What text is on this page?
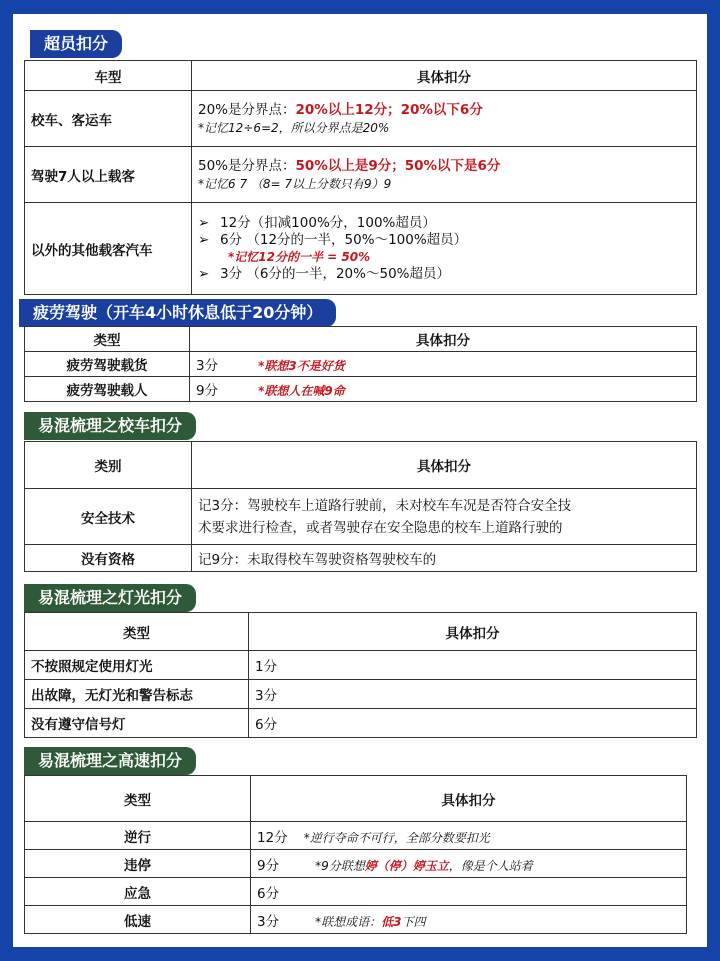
超员扣分
车型	具体扣分
校车、客运车	20%是分界点：20%以上12分；20%以下6分
*记忆12÷6=2，所以分界点是20%

驾驶7人以上载客	50%是分界点：50%以上是9分；50%以下是6分
*记忆6 7 （8= 7以上分数只有9）9

以外的其他载客汽车	➢ 12分（扣减100%分，100%超员）
➢ 6分 （12分的一半，50%～100%超员）
*记忆12分的一半 = 50%
➢ 3分 （6分的一半，20%～50%超员）
疲劳驾驶（开车4小时休息低于20分钟）
类型	具体扣分
疲劳驾驶载货	3分 *联想3不是好货
疲劳驾驶载人	9分 *联想人在喊9命
易混梳理之校车扣分
类别	具体扣分
安全技术	记3分：驾驶校车上道路行驶前，未对校车车况是否符合安全技
术要求进行检查，或者驾驶存在安全隐患的校车上道路行驶的

没有资格	记9分：未取得校车驾驶资格驾驶校车的
易混梳理之灯光扣分
类型	具体扣分
不按照规定使用灯光	1分
出故障，无灯光和警告标志	3分
没有遵守信号灯	6分
易混梳理之高速扣分
类型	具体扣分
逆行	12分 *逆行夺命不可行，全部分数要扣光
违停	9分 *9分联想婷（停）婷玉立，像是个人站着
应急	6分
低速	3分 *联想成语：低3下四
